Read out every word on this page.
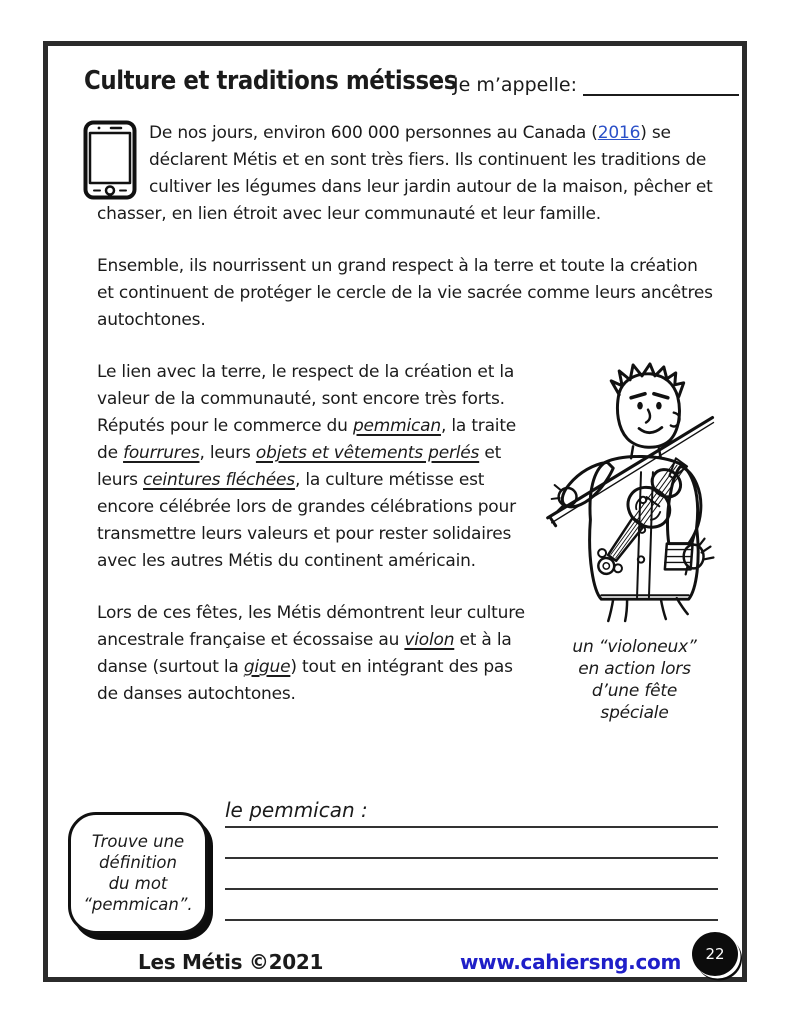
Culture et traditions métisses
Je m’appelle:

De nos jours, environ 600 000 personnes au Canada (2016) se déclarent Métis et en sont très fiers. Ils continuent les traditions de cultiver les légumes dans leur jardin autour de la maison, pêcher et chasser, en lien étroit avec leur communauté et leur famille.

Ensemble, ils nourrissent un grand respect à la terre et toute la création et continuent de protéger le cercle de la vie sacrée comme leurs ancêtres autochtones.

un “violoneux”
en action lors
d’une fête
spéciale

Le lien avec la terre, le respect de la création et la valeur de la communauté, sont encore très forts. Réputés pour le commerce du pemmican, la traite de fourrures, leurs objets et vêtements perlés et leurs ceintures fléchées, la culture métisse est encore célébrée lors de grandes célébrations pour transmettre leurs valeurs et pour rester solidaires avec les autres Métis du continent américain.

Lors de ces fêtes, les Métis démontrent leur culture ancestrale française et écossaise au violon et à la danse (surtout la gigue) tout en intégrant des pas de danses autochtones.

Trouve une
définition
du mot
“pemmican”.
le pemmican :
Les Métis ©2021	www.cahiersng.com 22
